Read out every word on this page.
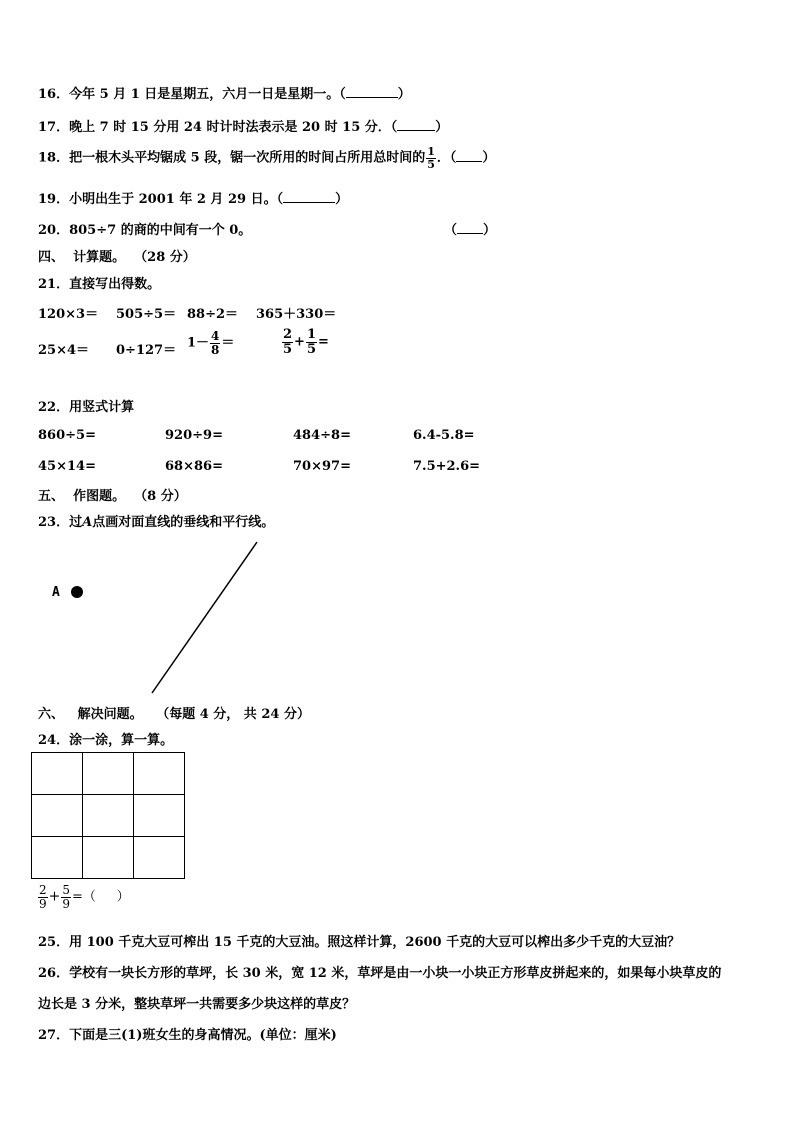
16．今年 5 月 1 日是星期五，六月一日是星期一。（	）
17．晚上 7 时 15 分用 24 时计时法表示是 20 时 15 分．（	）
18．把一根木头平均锯成 5 段，锯一次所用的时间占所用总时间的 $\frac{1}{5}$ ．（ ）
19．小明出生于 2001 年 2 月 29 日。（	）
20．805÷7 的商的中间有一个 0。	（ ）
四、 计算题。 （28 分）
21．直接写出得数。
120×3＝ 505÷5＝ 88÷2＝ 365＋330＝
$25\times 4= 0\div 127= 1- \frac{4}{8}$ ＝	$\frac{2}{5} + \frac{1}{5}$ =
22．用竖式计算
860÷5=	920÷9=	484÷8=	6.4-5.8=
45×14=	68×86=	70×97=	7.5+2.6=
五、 作图题。 （8 分）
23．过A点画对面直线的垂线和平行线。
A
六、 解决问题。 （每题 4 分， 共 24 分）
24．涂一涂，算一算。

$\frac{2}{9} + \frac{5}{9}$ =（ ）
25．用 100 千克大豆可榨出 15 千克的大豆油。照这样计算，2600 千克的大豆可以榨出多少千克的大豆油？
26．学校有一块长方形的草坪，长 30 米，宽 12 米，草坪是由一小块一小块正方形草皮拼起来的，如果每小块草皮的
边长是 3 分米，整块草坪一共需要多少块这样的草皮？
27．下面是三(1)班女生的身高情况。(单位：厘米)
